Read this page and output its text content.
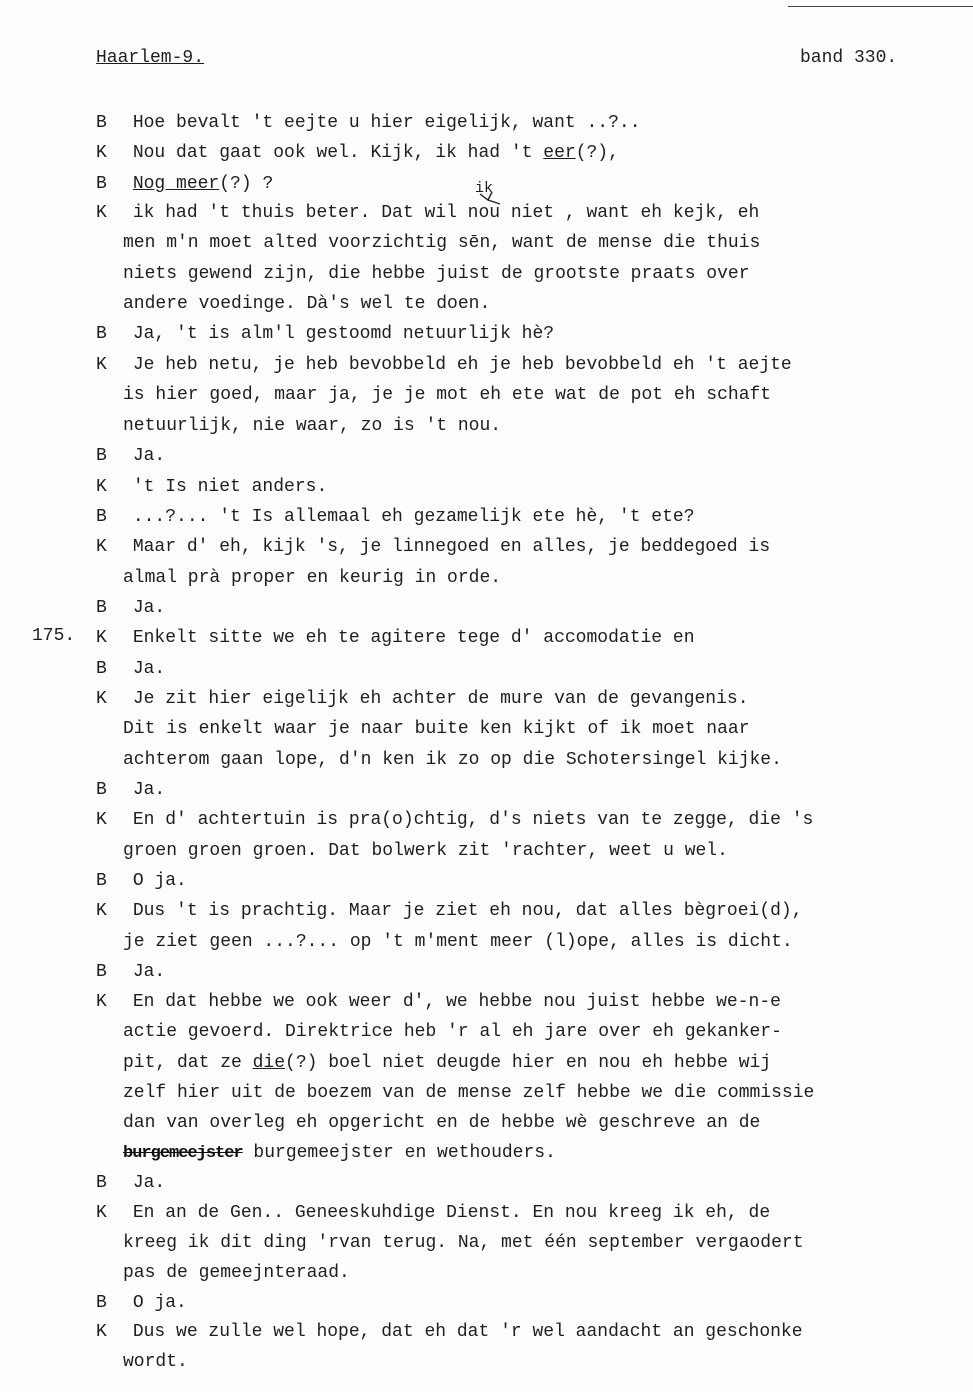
Haarlem-9.	band 330.
ik
175.
B Hoe bevalt 't eejte u hier eigelijk, want ..?..
K Nou dat gaat ook wel. Kijk, ik had 't eer(?),
B Nog meer(?) ?
K ik had 't thuis beter. Dat wil nou niet , want eh kejk, eh
men m'n moet alted voorzichtig sēn, want de mense die thuis
niets gewend zijn, die hebbe juist de grootste praats over
andere voedinge. Dà's wel te doen.
B Ja, 't is alm'l gestoomd netuurlijk hè?
K Je heb netu, je heb bevobbeld eh je heb bevobbeld eh 't aejte
is hier goed, maar ja, je je mot eh ete wat de pot eh schaft
netuurlijk, nie waar, zo is 't nou.
B Ja.
K 't Is niet anders.
B ...?... 't Is allemaal eh gezamelijk ete hè, 't ete?
K Maar d' eh, kijk 's, je linnegoed en alles, je beddegoed is
almal prà proper en keurig in orde.
B Ja.
K Enkelt sitte we eh te agitere tege d' accomodatie en
B Ja.
K Je zit hier eigelijk eh achter de mure van de gevangenis.
Dit is enkelt waar je naar buite ken kijkt of ik moet naar
achterom gaan lope, d'n ken ik zo op die Schotersingel kijke.
B Ja.
K En d' achtertuin is pra(o)chtig, d's niets van te zegge, die 's
groen groen groen. Dat bolwerk zit 'rachter, weet u wel.
B O ja.
K Dus 't is prachtig. Maar je ziet eh nou, dat alles bègroei(d),
je ziet geen ...?... op 't m'ment meer (l)ope, alles is dicht.
B Ja.
K En dat hebbe we ook weer d', we hebbe nou juist hebbe we-n-e
actie gevoerd. Direktrice heb 'r al eh jare over eh gekanker-
pit, dat ze die(?) boel niet deugde hier en nou eh hebbe wij
zelf hier uit de boezem van de mense zelf hebbe we die commissie
dan van overleg eh opgericht en de hebbe wè geschreve an de
burgemeejster burgemeejster en wethouders.
B Ja.
K En an de Gen.. Geneeskuhdige Dienst. En nou kreeg ik eh, de
kreeg ik dit ding 'rvan terug. Na, met één september vergaodert
pas de gemeejnteraad.
B O ja.
K Dus we zulle wel hope, dat eh dat 'r wel aandacht an geschonke
wordt.
